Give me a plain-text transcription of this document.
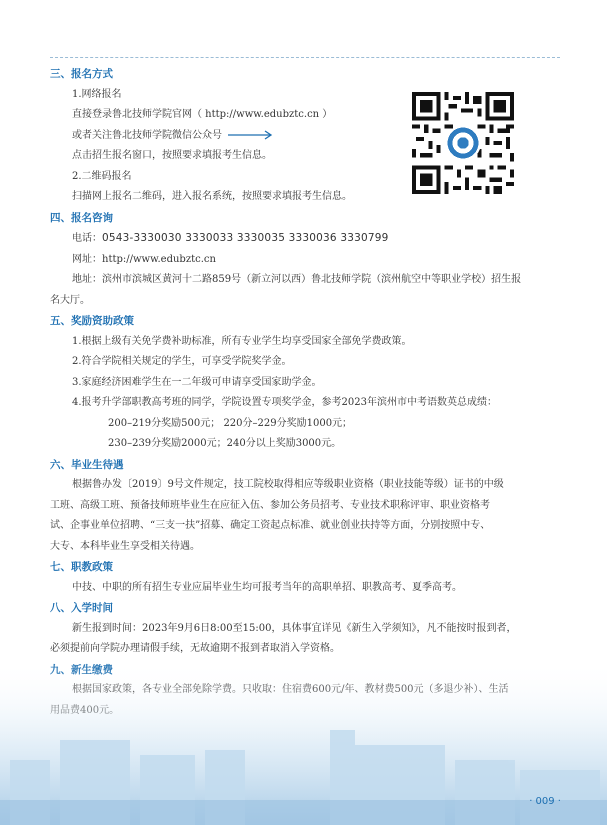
三、报名方式
1.网络报名
直接登录鲁北技师学院官网（ http://www.edubztc.cn ）
或者关注鲁北技师学院微信公众号
点击招生报名窗口，按照要求填报考生信息。
2.二维码报名
扫描网上报名二维码，进入报名系统，按照要求填报考生信息。
四、报名咨询
电话：0543-3330030 3330033 3330035 3330036 3330799
网址：http://www.edubztc.cn
地址：滨州市滨城区黄河十二路859号（新立河以西）鲁北技师学院（滨州航空中等职业学校）招生报
名大厅。
五、奖励资助政策
1.根据上级有关免学费补助标准，所有专业学生均享受国家全部免学费政策。
2.符合学院相关规定的学生，可享受学院奖学金。
3.家庭经济困难学生在一二年级可申请享受国家助学金。
4.报考升学部职教高考班的同学，学院设置专项奖学金，参考2023年滨州市中考语数英总成绩：
200–219分奖励500元； 220分–229分奖励1000元；
230–239分奖励2000元；240分以上奖励3000元。
六、毕业生待遇
根据鲁办发〔2019〕9号文件规定，技工院校取得相应等级职业资格（职业技能等级）证书的中级
工班、高级工班、预备技师班毕业生在应征入伍、参加公务员招考、专业技术职称评审、职业资格考
试、企事业单位招聘、“三支一扶”招募、确定工资起点标准、就业创业扶持等方面，分别按照中专、
大专、本科毕业生享受相关待遇。
七、职教政策
中技、中职的所有招生专业应届毕业生均可报考当年的高职单招、职教高考、夏季高考。
八、入学时间
新生报到时间：2023年9月6日8:00至15:00，具体事宜详见《新生入学须知》，凡不能按时报到者，
必须提前向学院办理请假手续，无故逾期不报到者取消入学资格。
· 009 ·
